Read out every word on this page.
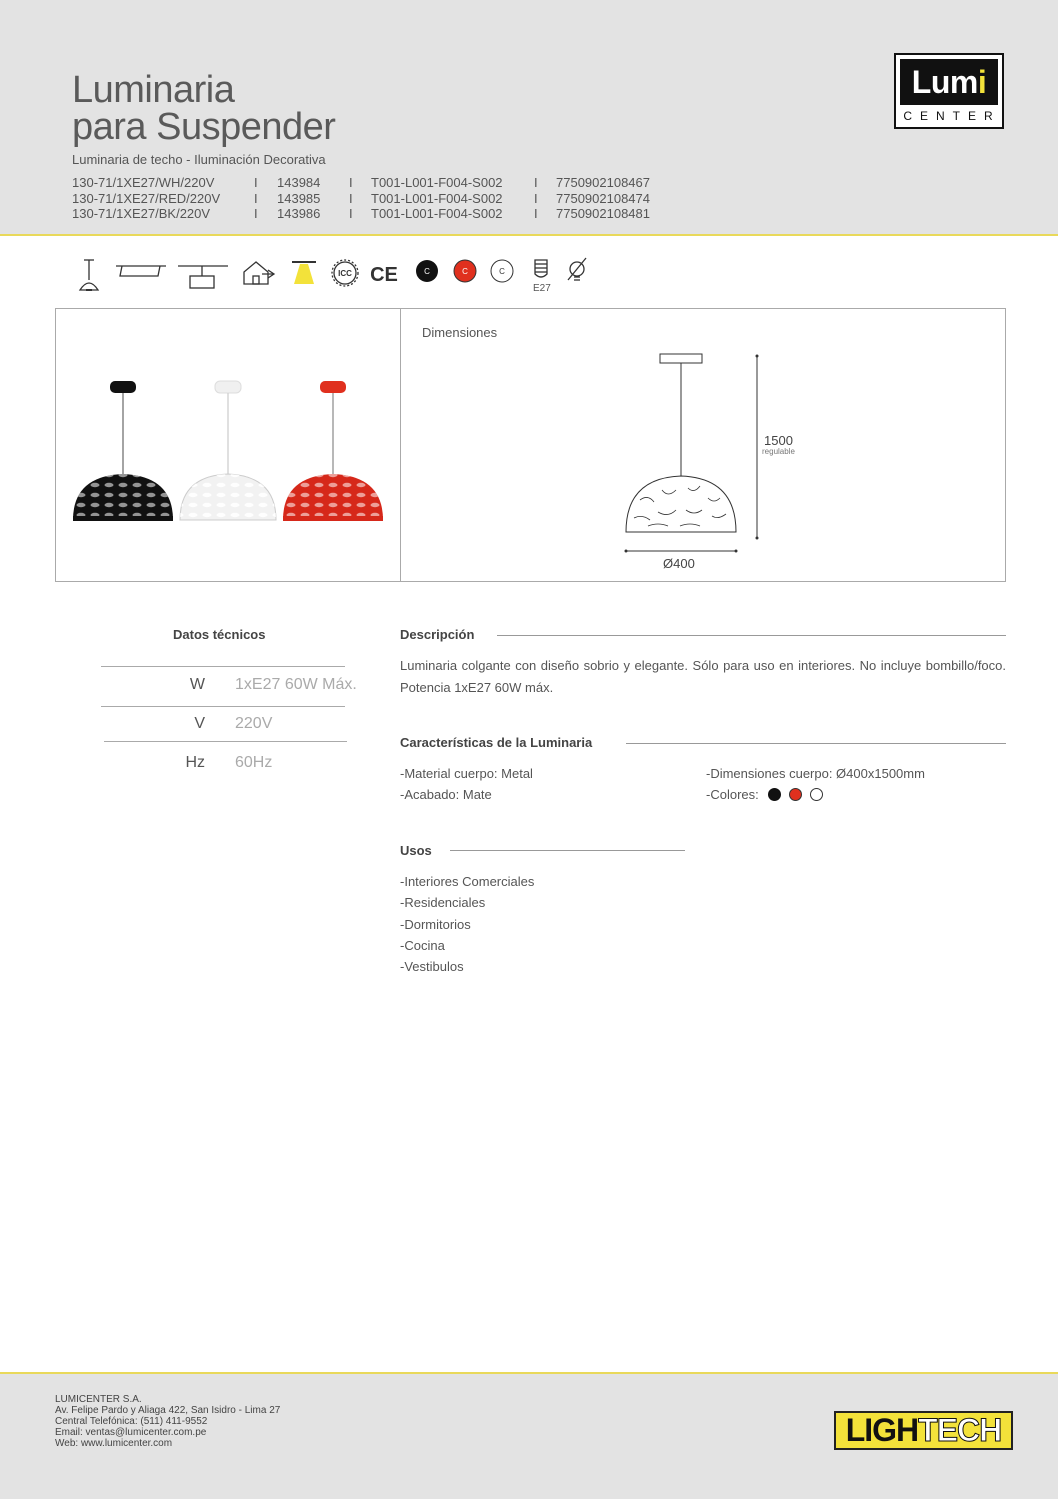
Luminaria
para Suspender
Luminaria de techo - Iluminación Decorativa
130-71/1XE27/WH/220V	I 143984 I T001-L001-F004-S002 I 7750902108467
130-71/1XE27/RED/220V	I 143985 I T001-L001-F004-S002 I 7750902108474
130-71/1XE27/BK/220V	I 143986 I T001-L001-F004-S002 I 7750902108481
Lumi
CENTER
ICC CE	C	C	C
E27
Dimensiones
1500
regulable
Ø400
Datos técnicos
W 1xE27 60W Máx.
V 220V
Hz 60Hz
Descripción
Luminaria colgante con diseño sobrio y elegante. Sólo para uso en interiores. No incluye bombillo/foco. Potencia 1xE27 60W máx.
Características de la Luminaria
-Material cuerpo: Metal
-Acabado: Mate
-Dimensiones cuerpo: Ø400x1500mm
-Colores:
Usos
-Interiores Comerciales
-Residenciales
-Dormitorios
-Cocina
-Vestibulos
LUMICENTER S.A.
Av. Felipe Pardo y Aliaga 422, San Isidro - Lima 27
Central Telefónica: (511) 411-9552
Email: ventas@lumicenter.com.pe
Web: www.lumicenter.com	LIGHTECH
